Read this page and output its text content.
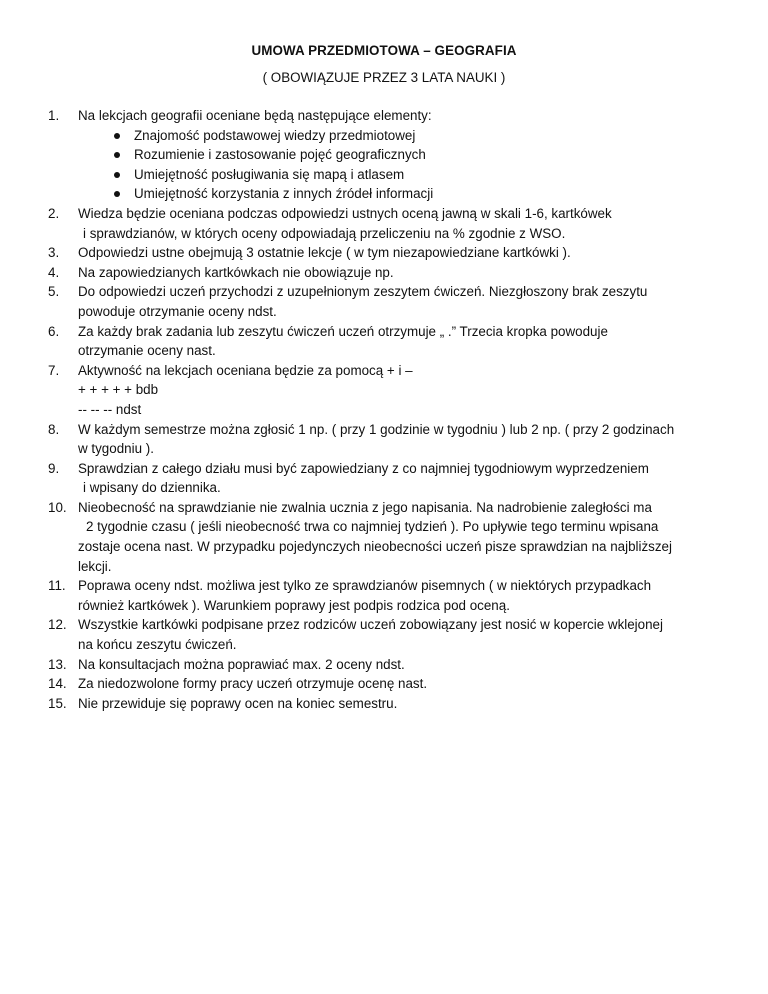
UMOWA PRZEDMIOTOWA – GEOGRAFIA
( OBOWIĄZUJE PRZEZ 3 LATA NAUKI )
1.	Na lekcjach geografii oceniane będą następujące elementy:
Znajomość podstawowej wiedzy przedmiotowej
Rozumienie i zastosowanie pojęć geograficznych
Umiejętność posługiwania się mapą i atlasem
Umiejętność korzystania z innych źródeł informacji
2.	Wiedza będzie oceniana podczas odpowiedzi ustnych oceną jawną w skali 1-6, kartkówek
i sprawdzianów, w których oceny odpowiadają przeliczeniu na % zgodnie z WSO.
3.	Odpowiedzi ustne obejmują 3 ostatnie lekcje ( w tym niezapowiedziane kartkówki ).
4.	Na zapowiedzianych kartkówkach nie obowiązuje np.
5.	Do odpowiedzi uczeń przychodzi z uzupełnionym zeszytem ćwiczeń. Niezgłoszony brak zeszytu
powoduje otrzymanie oceny ndst.
6.	Za każdy brak zadania lub zeszytu ćwiczeń uczeń otrzymuje „ .” Trzecia kropka powoduje
otrzymanie oceny nast.
7.	Aktywność na lekcjach oceniana będzie za pomocą + i –
+ + + + + bdb
-- -- -- ndst
8.	W każdym semestrze można zgłosić 1 np. ( przy 1 godzinie w tygodniu ) lub 2 np. ( przy 2 godzinach
w tygodniu ).
9.	Sprawdzian z całego działu musi być zapowiedziany z co najmniej tygodniowym wyprzedzeniem
i wpisany do dziennika.
10. Nieobecność na sprawdzianie nie zwalnia ucznia z jego napisania. Na nadrobienie zaległości ma
2 tygodnie czasu ( jeśli nieobecność trwa co najmniej tydzień ). Po upływie tego terminu wpisana
zostaje ocena nast. W przypadku pojedynczych nieobecności uczeń pisze sprawdzian na najbliższej
lekcji.
11. Poprawa oceny ndst. możliwa jest tylko ze sprawdzianów pisemnych ( w niektórych przypadkach
również kartkówek ). Warunkiem poprawy jest podpis rodzica pod oceną.
12. Wszystkie kartkówki podpisane przez rodziców uczeń zobowiązany jest nosić w kopercie wklejonej
na końcu zeszytu ćwiczeń.
13. Na konsultacjach można poprawiać max. 2 oceny ndst.
14. Za niedozwolone formy pracy uczeń otrzymuje ocenę nast.
15. Nie przewiduje się poprawy ocen na koniec semestru.
